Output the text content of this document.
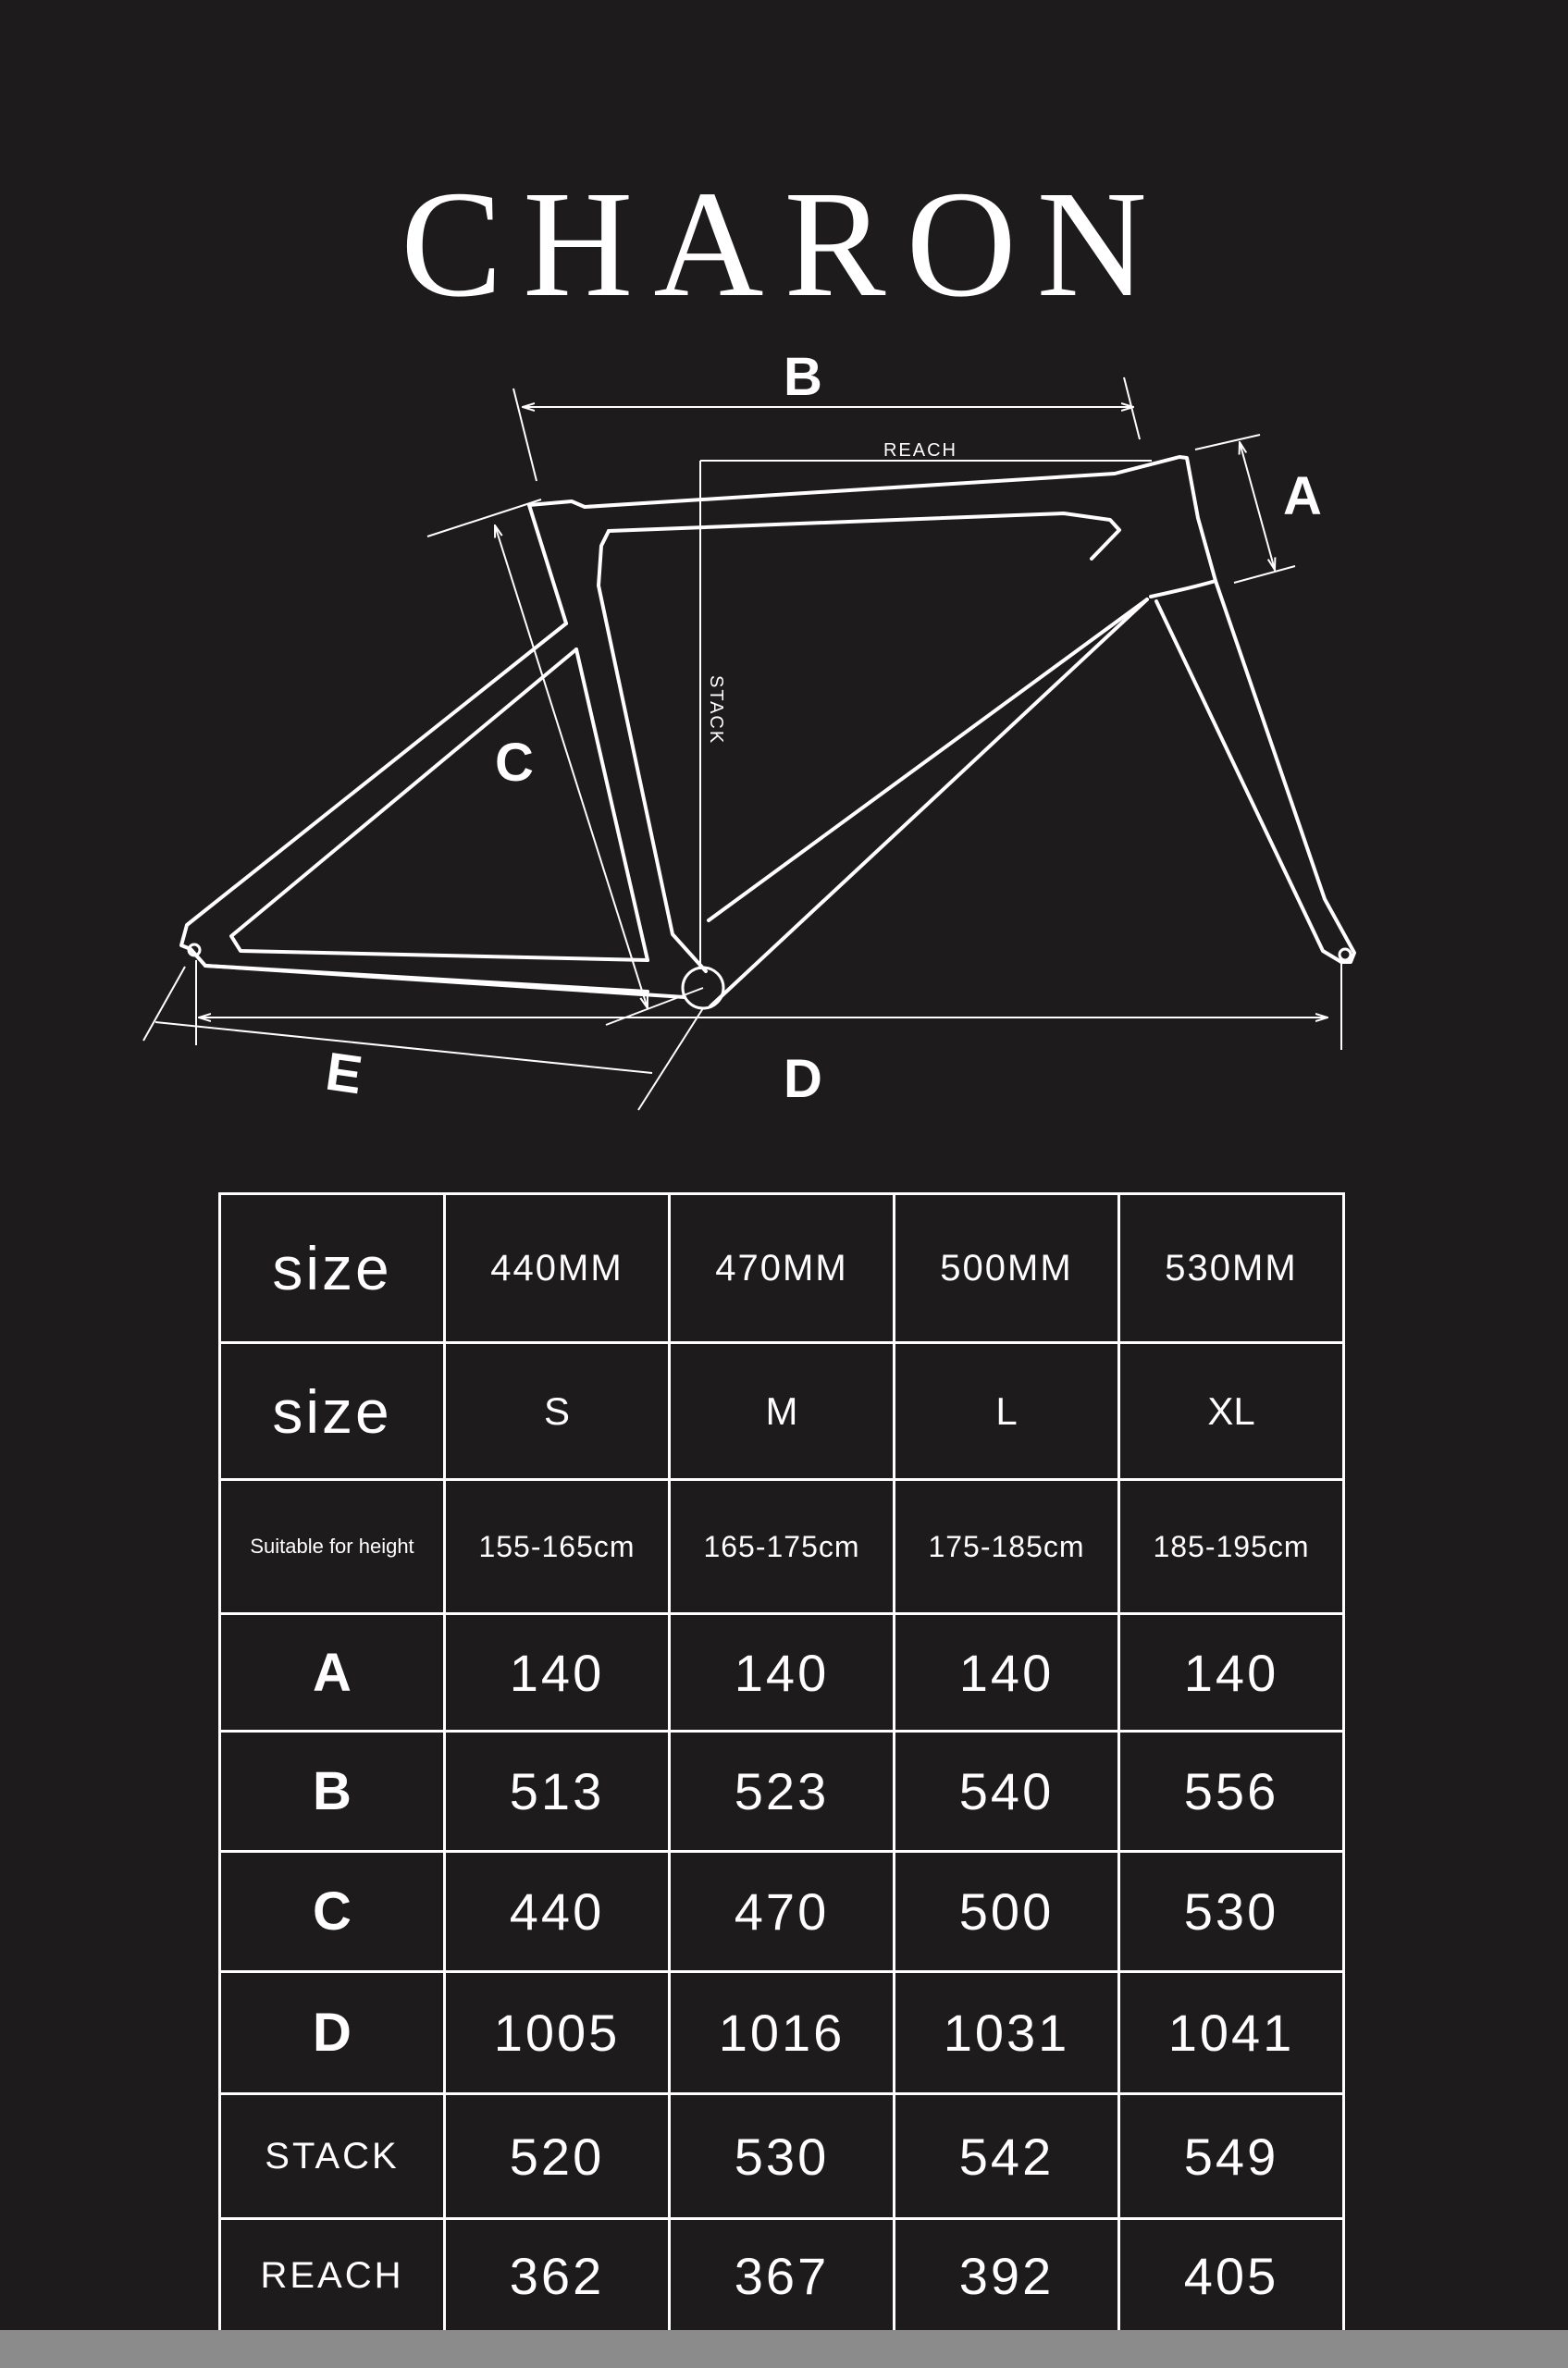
CHARON
B
A
C
D
E
REACH
STACK
size	440MM	470MM	500MM	530MM
size	S	M	L	XL
Suitable for height	155-165cm	165-175cm	175-185cm	185-195cm
A	140	140	140	140
B	513	523	540	556
C	440	470	500	530
D	1005	1016	1031	1041
STACK	520	530	542	549
REACH	362	367	392	405
